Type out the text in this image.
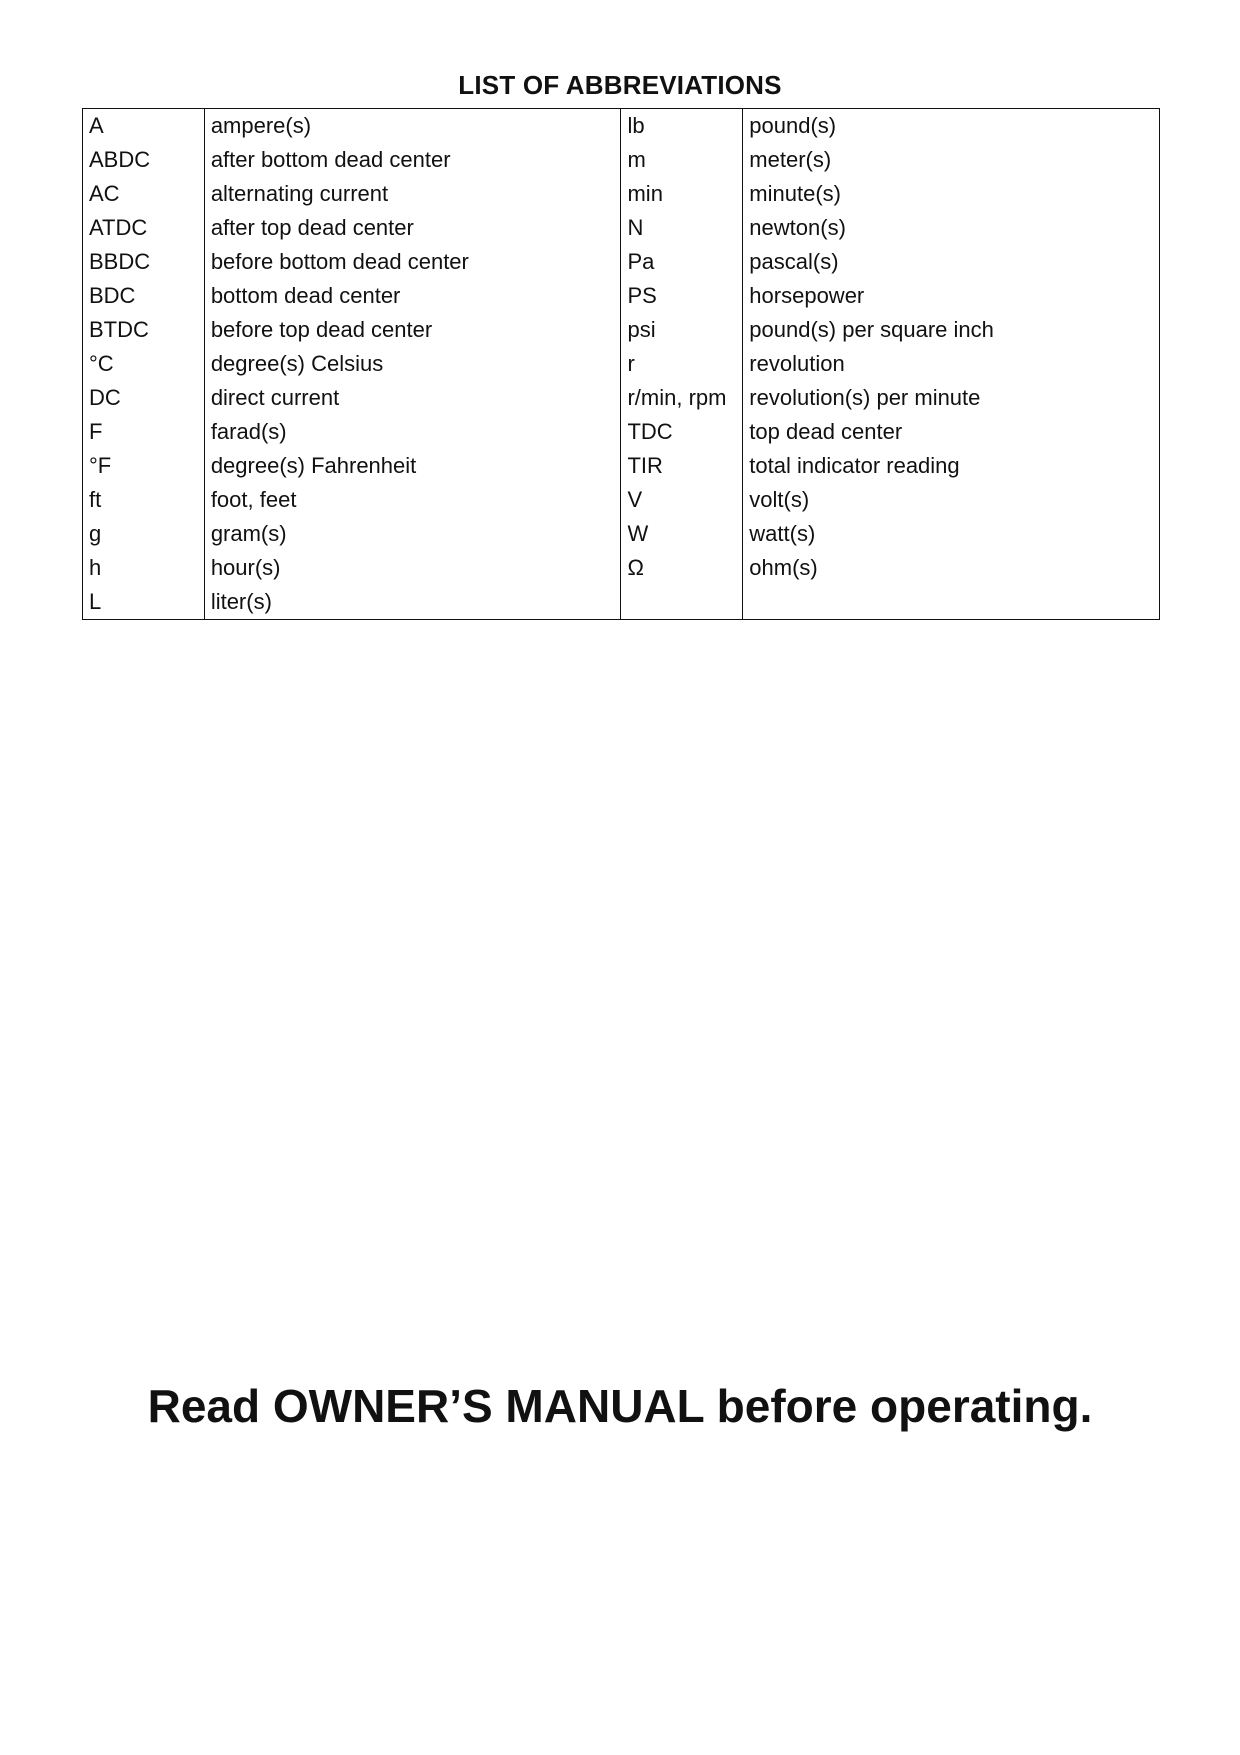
LIST OF ABBREVIATIONS
A	ampere(s)	lb	pound(s)
ABDC	after bottom dead center	m	meter(s)
AC	alternating current	min	minute(s)
ATDC	after top dead center	N	newton(s)
BBDC	before bottom dead center	Pa	pascal(s)
BDC	bottom dead center	PS	horsepower
BTDC	before top dead center	psi	pound(s) per square inch
°C	degree(s) Celsius	r	revolution
DC	direct current	r/min, rpm	revolution(s) per minute
F	farad(s)	TDC	top dead center
°F	degree(s) Fahrenheit	TIR	total indicator reading
ft	foot, feet	V	volt(s)
g	gram(s)	W	watt(s)
h	hour(s)	Ω	ohm(s)
L	liter(s)		
Read OWNER’S MANUAL before operating.
